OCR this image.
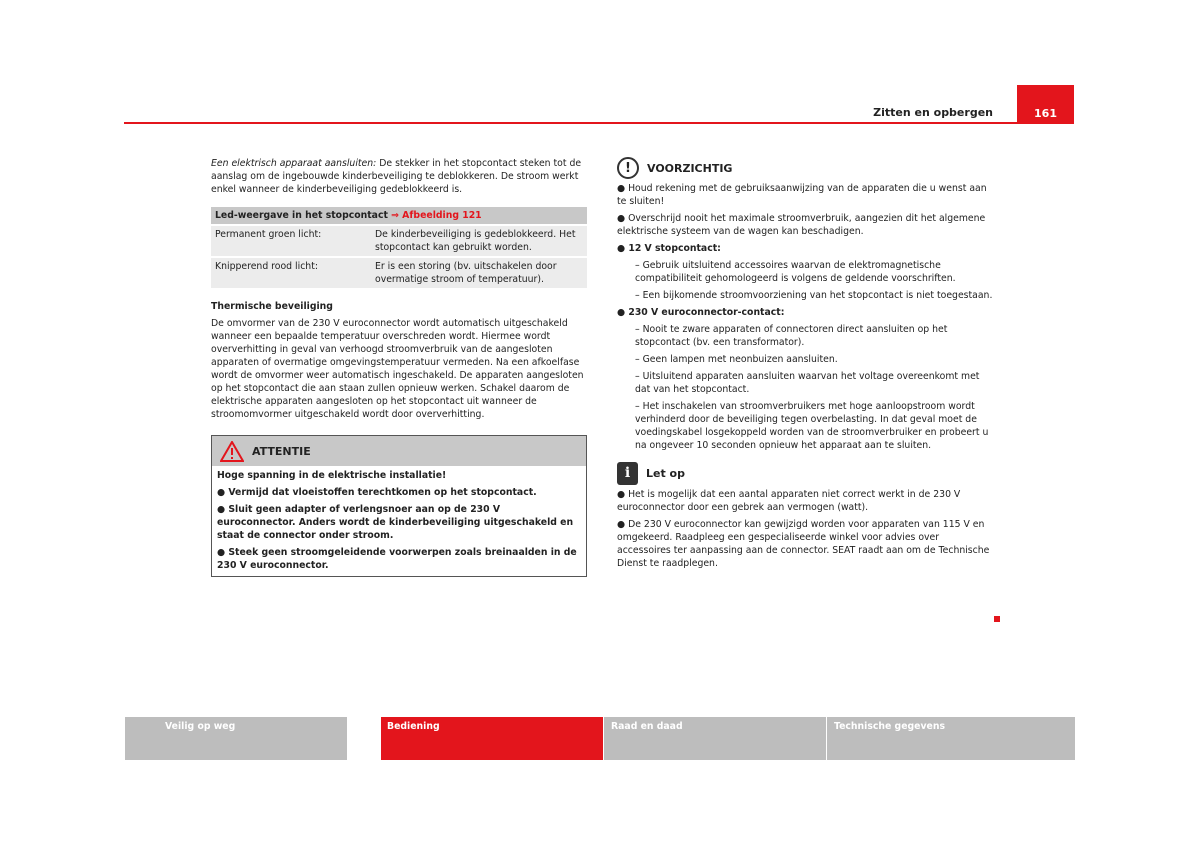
Zitten en opbergen	161

Een elektrisch apparaat aansluiten: De stekker in het stopcontact steken tot de aanslag om de ingebouwde kinderbeveiliging te deblokkeren. De stroom werkt enkel wanneer de kinderbeveiliging gedeblokkeerd is.

Led-weergave in het stopcontact ⇒ Afbeelding 121	
Permanent groen licht:	De kinderbeveiliging is gedeblokkeerd. Het stopcontact kan gebruikt worden.
Knipperend rood licht:	Er is een storing (bv. uitschakelen door overmatige stroom of temperatuur).

Thermische beveiliging

De omvormer van de 230 V euroconnector wordt automatisch uitgeschakeld wanneer een bepaalde temperatuur overschreden wordt. Hiermee wordt oververhitting in geval van verhoogd stroomverbruik van de aangesloten apparaten of overmatige omgevingstemperatuur vermeden. Na een afkoelfase wordt de omvormer weer automatisch ingeschakeld. De apparaten aangesloten op het stopcontact die aan staan zullen opnieuw werken. Schakel daarom de elektrische apparaten aangesloten op het stopcontact uit wanneer de stroomomvormer uitgeschakeld wordt door oververhitting.

ATTENTIE

Hoge spanning in de elektrische installatie!

● Vermijd dat vloeistoffen terechtkomen op het stopcontact.

● Sluit geen adapter of verlengsnoer aan op de 230 V euroconnector. Anders wordt de kinderbeveiliging uitgeschakeld en staat de connector onder stroom.

● Steek geen stroomgeleidende voorwerpen zoals breinaalden in de 230 V euroconnector.

!	VOORZICHTIG

● Houd rekening met de gebruiksaanwijzing van de apparaten die u wenst aan te sluiten!

● Overschrijd nooit het maximale stroomverbruik, aangezien dit het algemene elektrische systeem van de wagen kan beschadigen.

● 12 V stopcontact:

– Gebruik uitsluitend accessoires waarvan de elektromagnetische compatibiliteit gehomologeerd is volgens de geldende voorschriften.

– Een bijkomende stroomvoorziening van het stopcontact is niet toegestaan.

● 230 V euroconnector-contact:

– Nooit te zware apparaten of connectoren direct aansluiten op het stopcontact (bv. een transformator).

– Geen lampen met neonbuizen aansluiten.

– Uitsluitend apparaten aansluiten waarvan het voltage overeenkomt met dat van het stopcontact.

– Het inschakelen van stroomverbruikers met hoge aanloopstroom wordt verhinderd door de beveiliging tegen overbelasting. In dat geval moet de voedingskabel losgekoppeld worden van de stroomverbruiker en probeert u na ongeveer 10 seconden opnieuw het apparaat aan te sluiten.

i	Let op

● Het is mogelijk dat een aantal apparaten niet correct werkt in de 230 V euroconnector door een gebrek aan vermogen (watt).

● De 230 V euroconnector kan gewijzigd worden voor apparaten van 115 V en omgekeerd. Raadpleeg een gespecialiseerde winkel voor advies over accessoires ter aanpassing aan de connector. SEAT raadt aan om de Technische Dienst te raadplegen.

Veilig op weg	Bediening	Raad en daad	Technische gegevens
